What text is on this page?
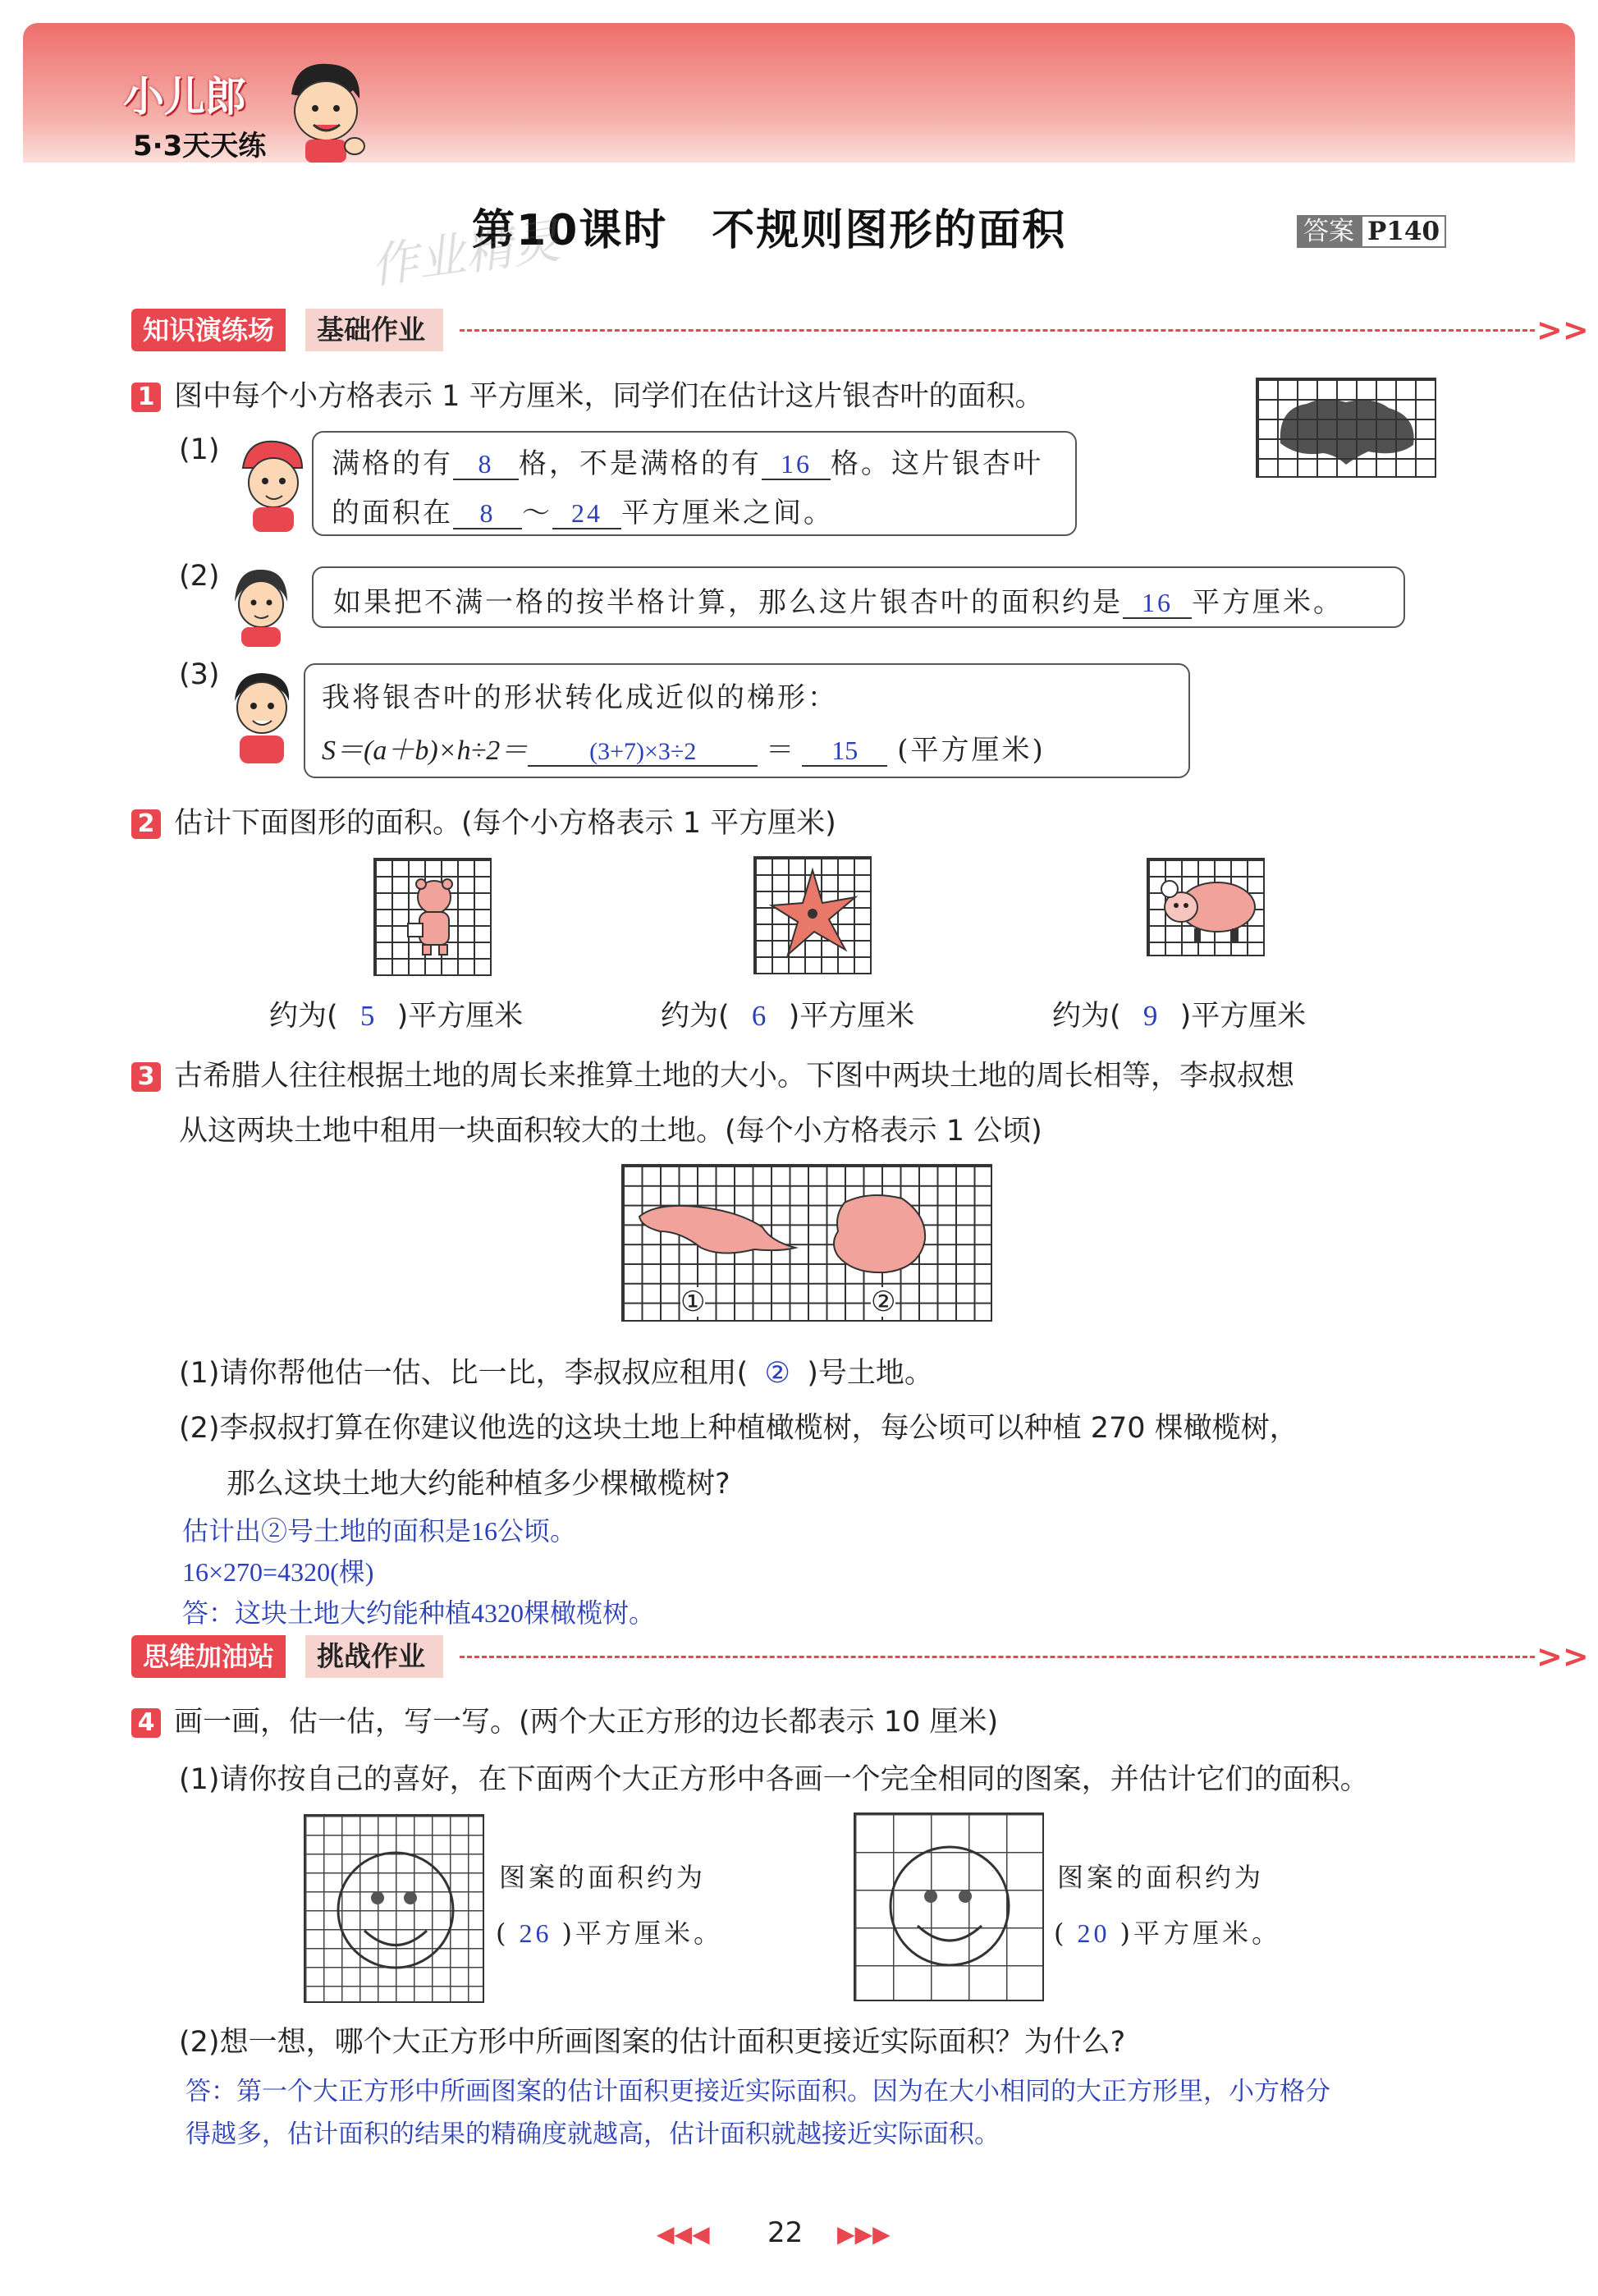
小儿郎
5·3天天练
第10课时　不规则图形的面积
作业精灵	答案 P140
知识演练场	基础作业	>>
1 图中每个小方格表示 1 平方厘米，同学们在估计这片银杏叶的面积。
(1)	满格的有 8 格，不是满格的有 16 格。这片银杏叶
的面积在 8 ～ 24 平方厘米之间。
(2)
如果把不满一格的按半格计算，那么这片银杏叶的面积约是 16 平方厘米。
(3)
我将银杏叶的形状转化成近似的梯形：
S＝(a＋b)×h÷2＝ (3+7)×3÷2 ＝ 15 (平方厘米)
2 估计下面图形的面积。(每个小方格表示 1 平方厘米)
约为( 5 )平方厘米	约为( 6 )平方厘米	约为( 9 )平方厘米
3 古希腊人往往根据土地的周长来推算土地的大小。下图中两块土地的周长相等，李叔叔想
从这两块土地中租用一块面积较大的土地。(每个小方格表示 1 公顷)
①	②
(1)请你帮他估一估、比一比，李叔叔应租用( ② )号土地。
(2)李叔叔打算在你建议他选的这块土地上种植橄榄树，每公顷可以种植 270 棵橄榄树，
那么这块土地大约能种植多少棵橄榄树?
估计出②号土地的面积是16公顷。
16×270=4320(棵)
答：这块土地大约能种植4320棵橄榄树。
思维加油站	挑战作业	>>
4 画一画，估一估，写一写。(两个大正方形的边长都表示 10 厘米)
(1)请你按自己的喜好，在下面两个大正方形中各画一个完全相同的图案，并估计它们的面积。
图案的面积约为
( 26 )平方厘米。
图案的面积约为
( 20 )平方厘米。
(2)想一想，哪个大正方形中所画图案的估计面积更接近实际面积？为什么?
答：第一个大正方形中所画图案的估计面积更接近实际面积。因为在大小相同的大正方形里，小方格分
得越多，估计面积的结果的精确度就越高，估计面积就越接近实际面积。
◀◀◀ 22 ▶▶▶
